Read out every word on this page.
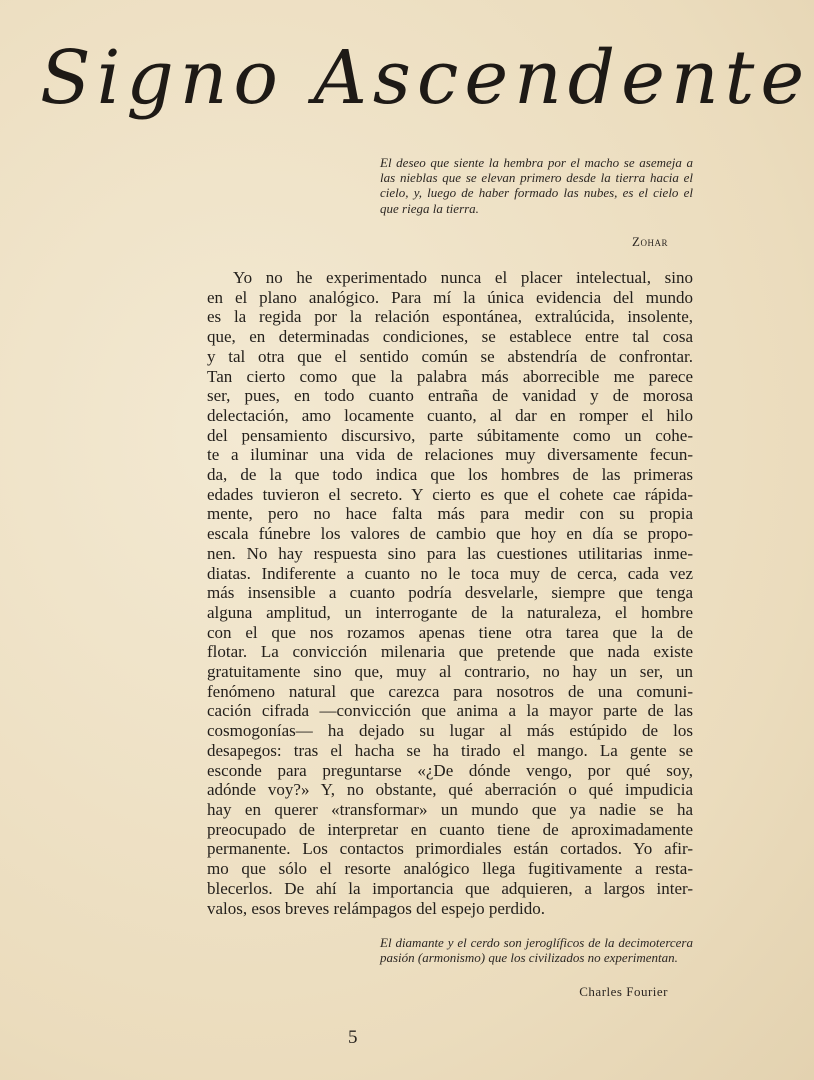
Signo Ascendente
El deseo que siente la hembra por el macho se asemeja a las nieblas que se elevan primero desde la tierra hacia el cielo, y, luego de haber formado las nubes, es el cielo el que riega la tierra.
Zohar
Yo no he experimentado nunca el placer intelectual, sino
en el plano analógico. Para mí la única evidencia del mundo
es la regida por la relación espontánea, extralúcida, insolente,
que, en determinadas condiciones, se establece entre tal cosa
y tal otra que el sentido común se abstendría de confrontar.
Tan cierto como que la palabra más aborrecible me parece
ser, pues, en todo cuanto entraña de vanidad y de morosa
delectación, amo locamente cuanto, al dar en romper el hilo
del pensamiento discursivo, parte súbitamente como un cohe-
te a iluminar una vida de relaciones muy diversamente fecun-
da, de la que todo indica que los hombres de las primeras
edades tuvieron el secreto. Y cierto es que el cohete cae rápida-
mente, pero no hace falta más para medir con su propia
escala fúnebre los valores de cambio que hoy en día se propo-
nen. No hay respuesta sino para las cuestiones utilitarias inme-
diatas. Indiferente a cuanto no le toca muy de cerca, cada vez
más insensible a cuanto podría desvelarle, siempre que tenga
alguna amplitud, un interrogante de la naturaleza, el hombre
con el que nos rozamos apenas tiene otra tarea que la de
flotar. La convicción milenaria que pretende que nada existe
gratuitamente sino que, muy al contrario, no hay un ser, un
fenómeno natural que carezca para nosotros de una comuni-
cación cifrada —convicción que anima a la mayor parte de las
cosmogonías— ha dejado su lugar al más estúpido de los
desapegos: tras el hacha se ha tirado el mango. La gente se
esconde para preguntarse «¿De dónde vengo, por qué soy,
adónde voy?» Y, no obstante, qué aberración o qué impudicia
hay en querer «transformar» un mundo que ya nadie se ha
preocupado de interpretar en cuanto tiene de aproximadamente
permanente. Los contactos primordiales están cortados. Yo afir-
mo que sólo el resorte analógico llega fugitivamente a resta-
blecerlos. De ahí la importancia que adquieren, a largos inter-
valos, esos breves relámpagos del espejo perdido.
El diamante y el cerdo son jeroglíficos de la decimotercera pasión (armonismo) que los civilizados no experimentan.
Charles Fourier
5
